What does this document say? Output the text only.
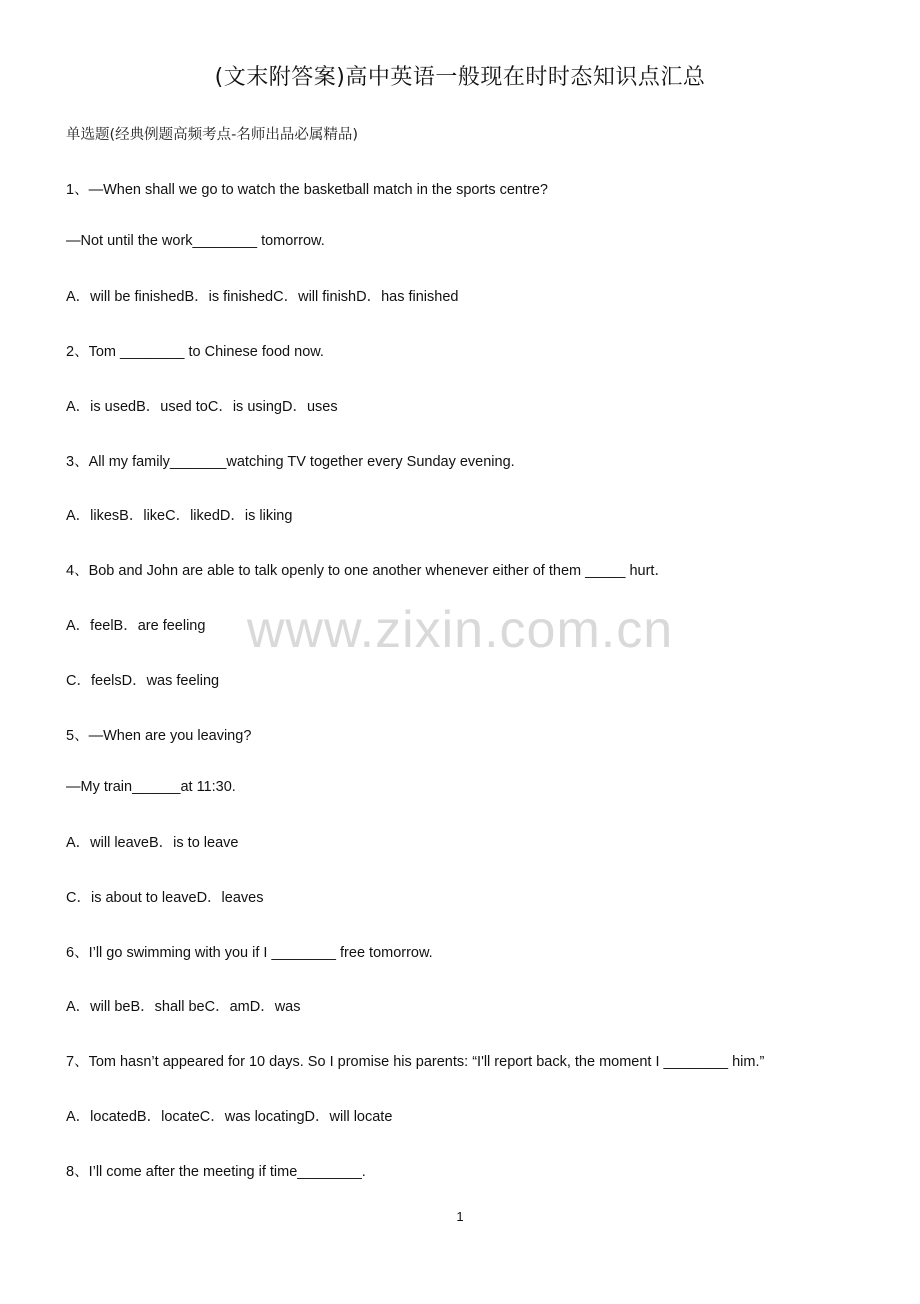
(文末附答案)高中英语一般现在时时态知识点汇总
单选题(经典例题高频考点-名师出品必属精品)
1、—When shall we go to watch the basketball match in the sports centre?
—Not until the work________ tomorrow.
A．will be finishedB．is finishedC．will finishD．has finished
2、Tom ________ to Chinese food now.
A．is usedB．used toC．is usingD．uses
3、All my family_______watching TV together every Sunday evening.
A．likesB．likeC．likedD．is liking
4、Bob and John are able to talk openly to one another whenever either of them _____ hurt．
A．feelB．are feeling
C．feelsD．was feeling
5、—When are you leaving?
—My train______at 11:30.
A．will leaveB．is to leave
C．is about to leaveD．leaves
6、I’ll go swimming with you if I ________ free tomorrow.
A．will beB．shall beC．amD．was
7、Tom hasn’t appeared for 10 days. So I promise his parents: “I'll report back, the moment I ________ him.”
A．locatedB．locateC．was locatingD．will locate
8、I’ll come after the meeting if time________.
www.zixin.com.cn
1
